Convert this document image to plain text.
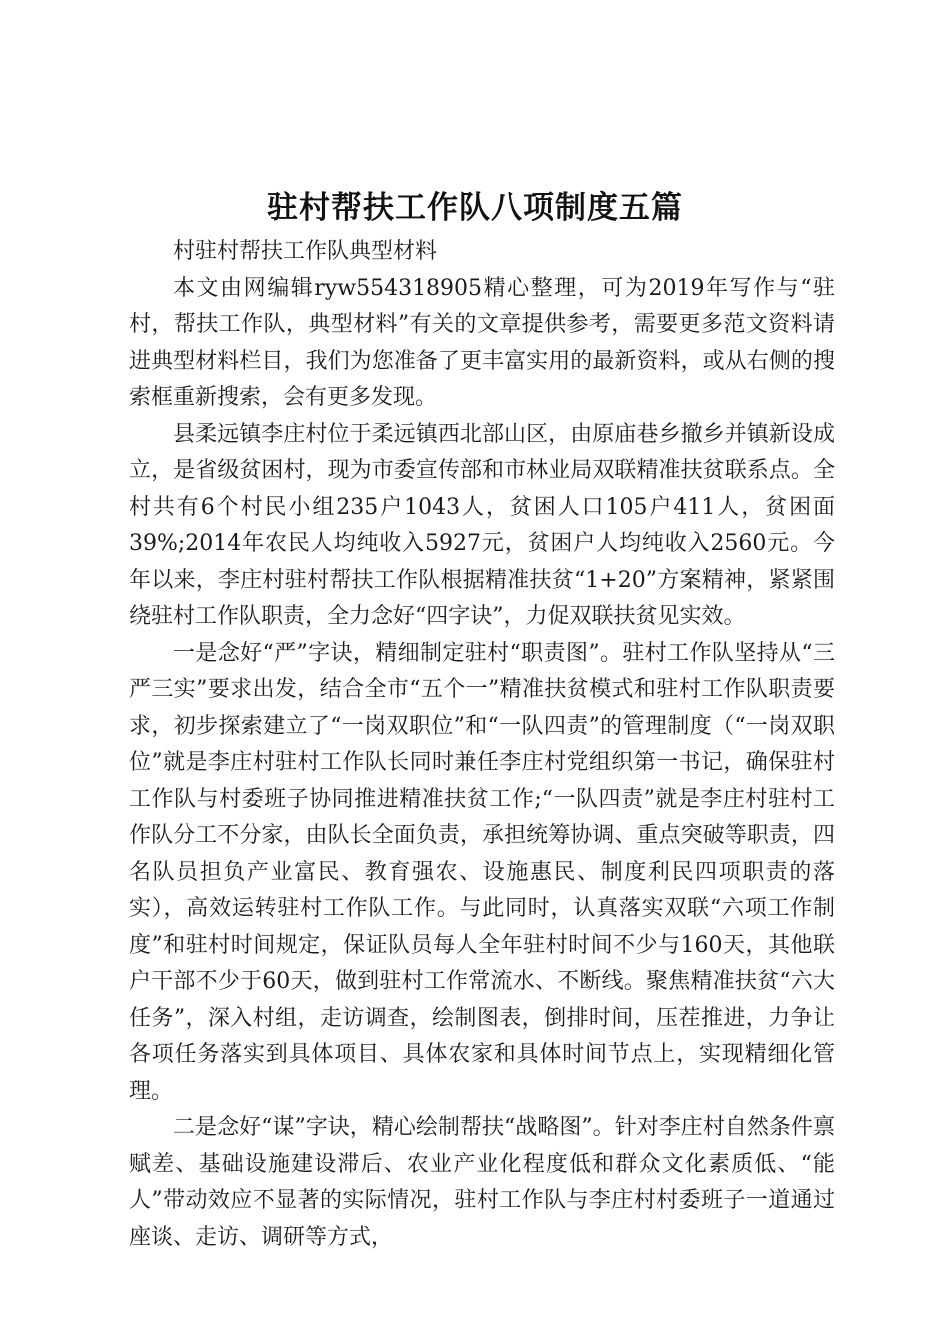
驻村帮扶工作队八项制度五篇

村驻村帮扶工作队典型材料

本文由网编辑ryw554318905精心整理，可为2019年写作与“驻村，帮扶工作队，典型材料”有关的文章提供参考，需要更多范文资料请进典型材料栏目，我们为您准备了更丰富实用的最新资料，或从右侧的搜索框重新搜索，会有更多发现。

县柔远镇李庄村位于柔远镇西北部山区，由原庙巷乡撤乡并镇新设成立，是省级贫困村，现为市委宣传部和市林业局双联精准扶贫联系点。全村共有6个村民小组235户1043人，贫困人口105户411人，贫困面39%;2014年农民人均纯收入5927元，贫困户人均纯收入2560元。今年以来，李庄村驻村帮扶工作队根据精准扶贫“1+20”方案精神，紧紧围绕驻村工作队职责，全力念好“四字诀”，力促双联扶贫见实效。

一是念好“严”字诀，精细制定驻村“职责图”。驻村工作队坚持从“三严三实”要求出发，结合全市“五个一”精准扶贫模式和驻村工作队职责要求，初步探索建立了“一岗双职位”和“一队四责”的管理制度（“一岗双职位”就是李庄村驻村工作队长同时兼任李庄村党组织第一书记，确保驻村工作队与村委班子协同推进精准扶贫工作;“一队四责”就是李庄村驻村工作队分工不分家，由队长全面负责，承担统筹协调、重点突破等职责，四名队员担负产业富民、教育强农、设施惠民、制度利民四项职责的落实），高效运转驻村工作队工作。与此同时，认真落实双联“六项工作制度”和驻村时间规定，保证队员每人全年驻村时间不少与160天，其他联户干部不少于60天，做到驻村工作常流水、不断线。聚焦精准扶贫“六大任务”，深入村组，走访调查，绘制图表，倒排时间，压茬推进，力争让各项任务落实到具体项目、具体农家和具体时间节点上，实现精细化管理。

二是念好“谋”字诀，精心绘制帮扶“战略图”。针对李庄村自然条件禀赋差、基础设施建设滞后、农业产业化程度低和群众文化素质低、“能人”带动效应不显著的实际情况，驻村工作队与李庄村村委班子一道通过座谈、走访、调研等方式，
